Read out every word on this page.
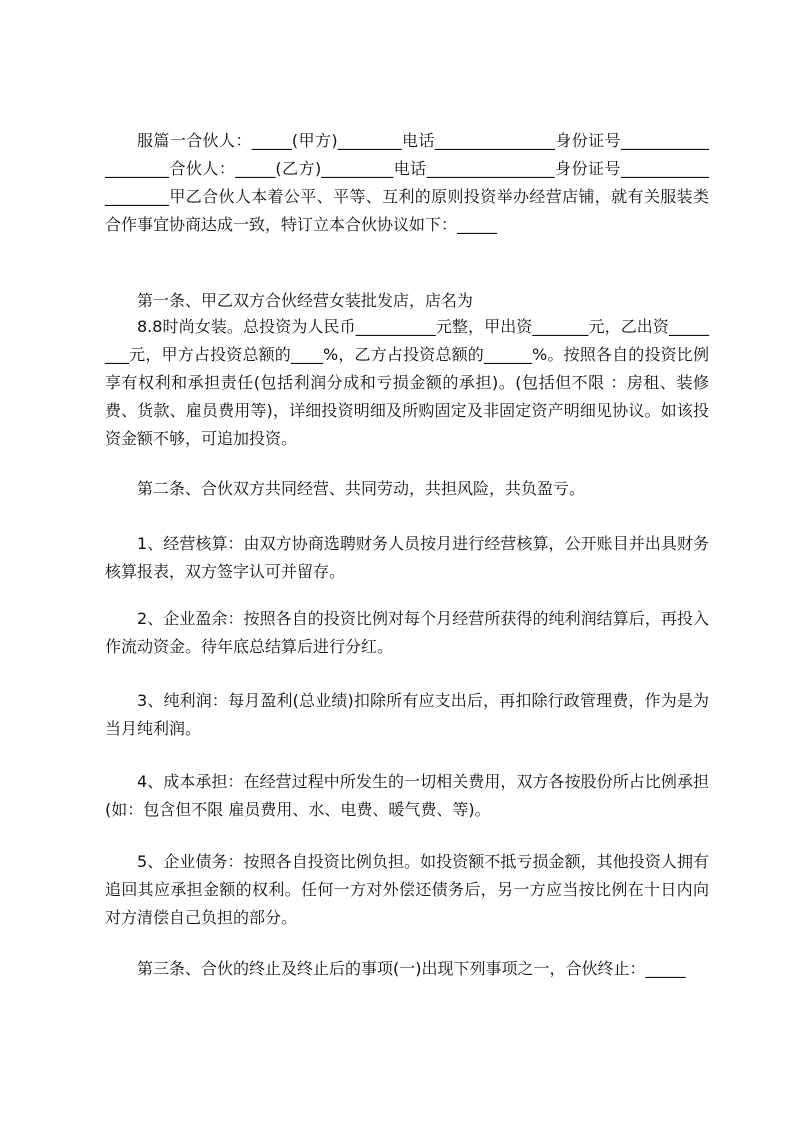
服篇一合伙人：_____(甲方)________电话_______________身份证号___________________合伙人：_____(乙方)_________电话________________身份证号___________________甲乙合伙人本着公平、平等、互利的原则投资举办经营店铺，就有关服装类合作事宜协商达成一致，特订立本合伙协议如下：_____

第一条、甲乙双方合伙经营女装批发店，店名为

8.8时尚女装。总投资为人民币__________元整，甲出资_______元，乙出资________元，甲方占投资总额的____%，乙方占投资总额的______%。按照各自的投资比例享有权利和承担责任(包括利润分成和亏损金额的承担)。(包括但不限 ：房租、装修费、货款、雇员费用等)，详细投资明细及所购固定及非固定资产明细见协议。如该投资金额不够，可追加投资。

第二条、合伙双方共同经营、共同劳动，共担风险，共负盈亏。

1、经营核算：由双方协商选聘财务人员按月进行经营核算，公开账目并出具财务核算报表，双方签字认可并留存。

2、企业盈余：按照各自的投资比例对每个月经营所获得的纯利润结算后，再投入作流动资金。待年底总结算后进行分红。

3、纯利润：每月盈利(总业绩)扣除所有应支出后，再扣除行政管理费，作为是为当月纯利润。

4、成本承担：在经营过程中所发生的一切相关费用，双方各按股份所占比例承担(如：包含但不限 雇员费用、水、电费、暖气费、等)。

5、企业债务：按照各自投资比例负担。如投资额不抵亏损金额，其他投资人拥有追回其应承担金额的权利。任何一方对外偿还债务后，另一方应当按比例在十日内向对方清偿自己负担的部分。

第三条、合伙的终止及终止后的事项(一)出现下列事项之一，合伙终止：_____
